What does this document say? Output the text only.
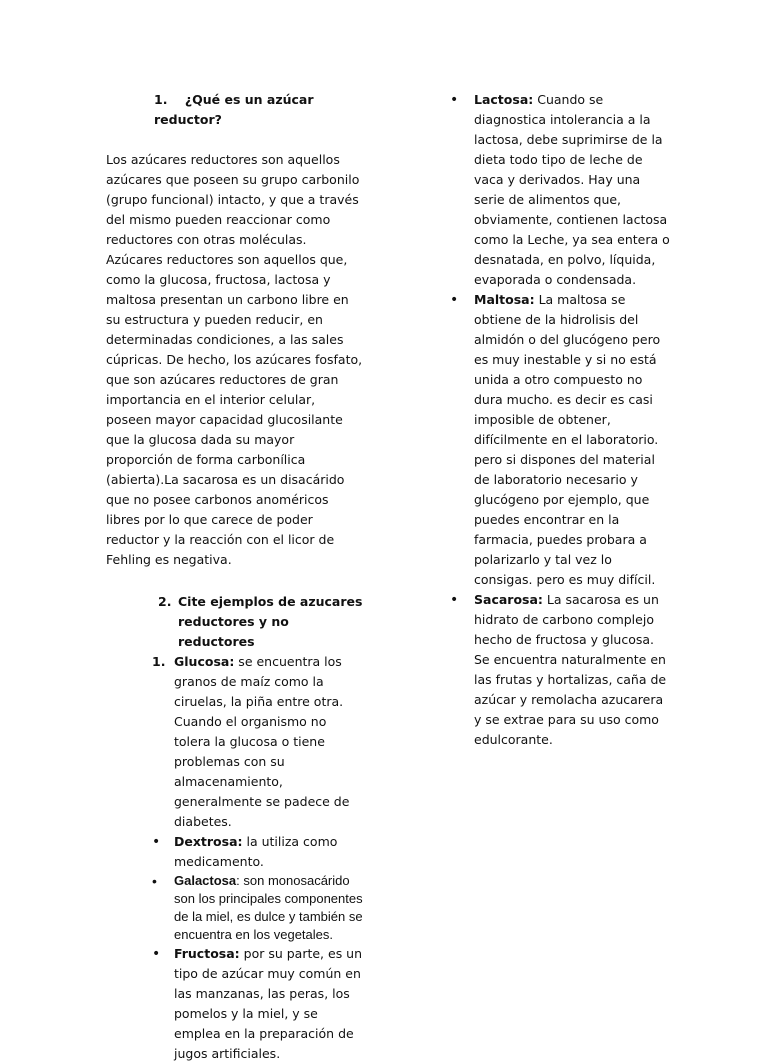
1. ¿Qué es un azúcar reductor?

Los azúcares reductores son aquellos azúcares que poseen su grupo carbonilo (grupo funcional) intacto, y que a través del mismo pueden reaccionar como reductores con otras moléculas. Azúcares reductores son aquellos que, como la glucosa, fructosa, lactosa y maltosa presentan un carbono libre en su estructura y pueden reducir, en determinadas condiciones, a las sales cúpricas. De hecho, los azúcares fosfato, que son azúcares reductores de gran importancia en el interior celular, poseen mayor capacidad glucosilante que la glucosa dada su mayor proporción de forma carbonílica (abierta).La sacarosa es un disacárido que no posee carbonos anoméricos libres por lo que carece de poder reductor y la reacción con el licor de Fehling es negativa.

2. Cite ejemplos de azucares
reductores y no reductores
1. Glucosa: se encuentra los granos de maíz como la ciruelas, la piña entre otra. Cuando el organismo no tolera la glucosa o tiene problemas con su almacenamiento, generalmente se padece de diabetes.
• Dextrosa: la utiliza como medicamento.
• Galactosa: son monosacárido son los principales componentes de la miel, es dulce y también se encuentra en los vegetales.
• Fructosa: por su parte, es un tipo de azúcar muy común en las manzanas, las peras, los pomelos y la miel, y se emplea en la preparación de jugos artificiales.
• Lactosa: Cuando se diagnostica intolerancia a la lactosa, debe suprimirse de la dieta todo tipo de leche de vaca y derivados. Hay una serie de alimentos que, obviamente, contienen lactosa como la Leche, ya sea entera o desnatada, en polvo, líquida, evaporada o condensada.
• Maltosa: La maltosa se obtiene de la hidrolisis del almidón o del glucógeno pero es muy inestable y si no está unida a otro compuesto no dura mucho. es decir es casi imposible de obtener, difícilmente en el laboratorio. pero si dispones del material de laboratorio necesario y glucógeno por ejemplo, que puedes encontrar en la farmacia, puedes probara a polarizarlo y tal vez lo consigas. pero es muy difícil.
• Sacarosa: La sacarosa es un hidrato de carbono complejo hecho de fructosa y glucosa. Se encuentra naturalmente en las frutas y hortalizas, caña de azúcar y remolacha azucarera y se extrae para su uso como edulcorante.
